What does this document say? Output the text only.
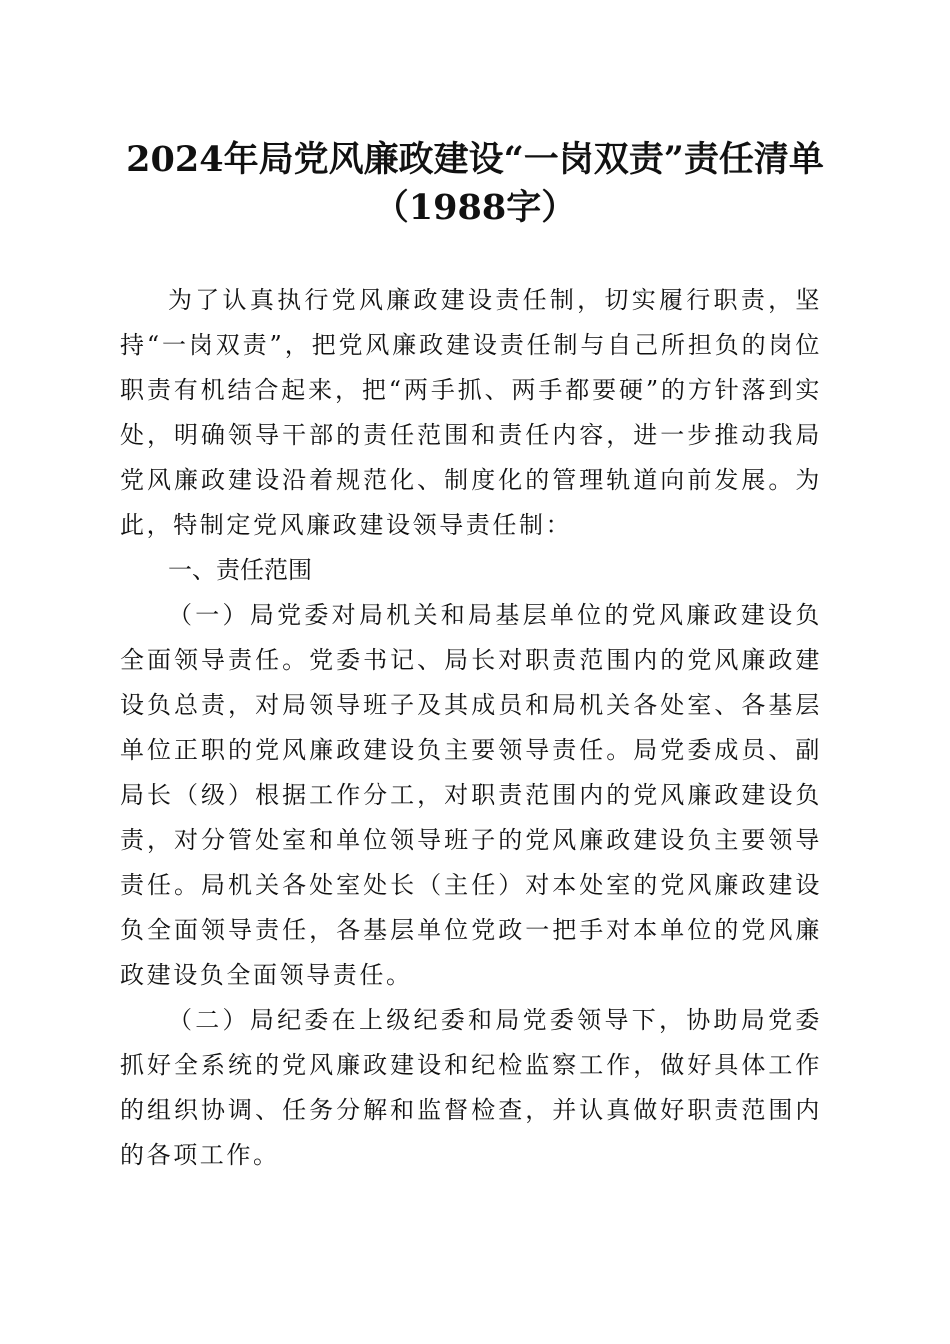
2024年局党风廉政建设“一岗双责”责任清单（1988字）

为了认真执行党风廉政建设责任制，切实履行职责，坚持“一岗双责”，把党风廉政建设责任制与自己所担负的岗位职责有机结合起来，把“两手抓、两手都要硬”的方针落到实处，明确领导干部的责任范围和责任内容，进一步推动我局党风廉政建设沿着规范化、制度化的管理轨道向前发展。为此，特制定党风廉政建设领导责任制：

一、责任范围

（一）局党委对局机关和局基层单位的党风廉政建设负全面领导责任。党委书记、局长对职责范围内的党风廉政建设负总责，对局领导班子及其成员和局机关各处室、各基层单位正职的党风廉政建设负主要领导责任。局党委成员、副局长（级）根据工作分工，对职责范围内的党风廉政建设负责，对分管处室和单位领导班子的党风廉政建设负主要领导责任。局机关各处室处长（主任）对本处室的党风廉政建设负全面领导责任，各基层单位党政一把手对本单位的党风廉政建设负全面领导责任。

（二）局纪委在上级纪委和局党委领导下，协助局党委抓好全系统的党风廉政建设和纪检监察工作，做好具体工作的组织协调、任务分解和监督检查，并认真做好职责范围内的各项工作。
